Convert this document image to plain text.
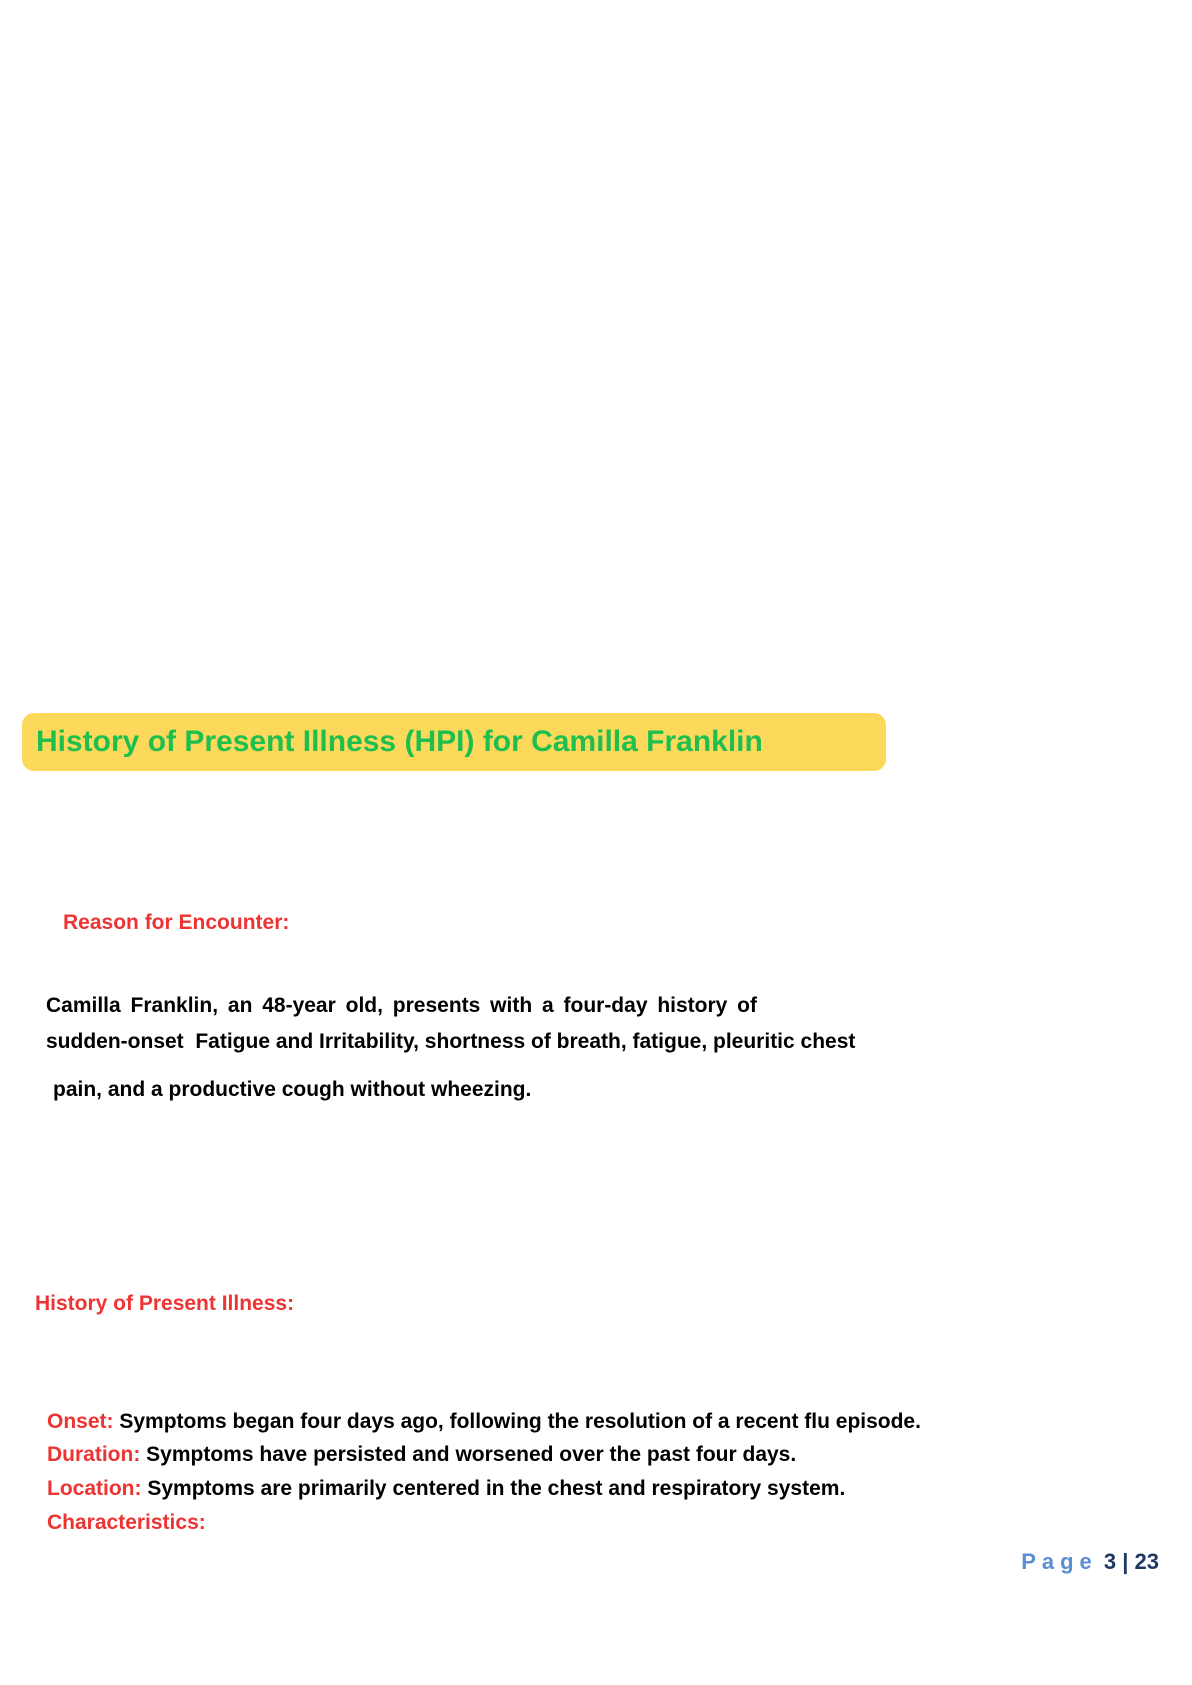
History of Present Illness (HPI) for Camilla Franklin
Reason for Encounter:
Camilla Franklin, an 48-year old, presents with a four-day history of
sudden-onset  Fatigue and Irritability, shortness of breath, fatigue, pleuritic chest
pain, and a productive cough without wheezing.
History of Present Illness:
Onset: Symptoms began four days ago, following the resolution of a recent flu episode.
Duration: Symptoms have persisted and worsened over the past four days.
Location: Symptoms are primarily centered in the chest and respiratory system.
Characteristics:
Page 3 | 23
